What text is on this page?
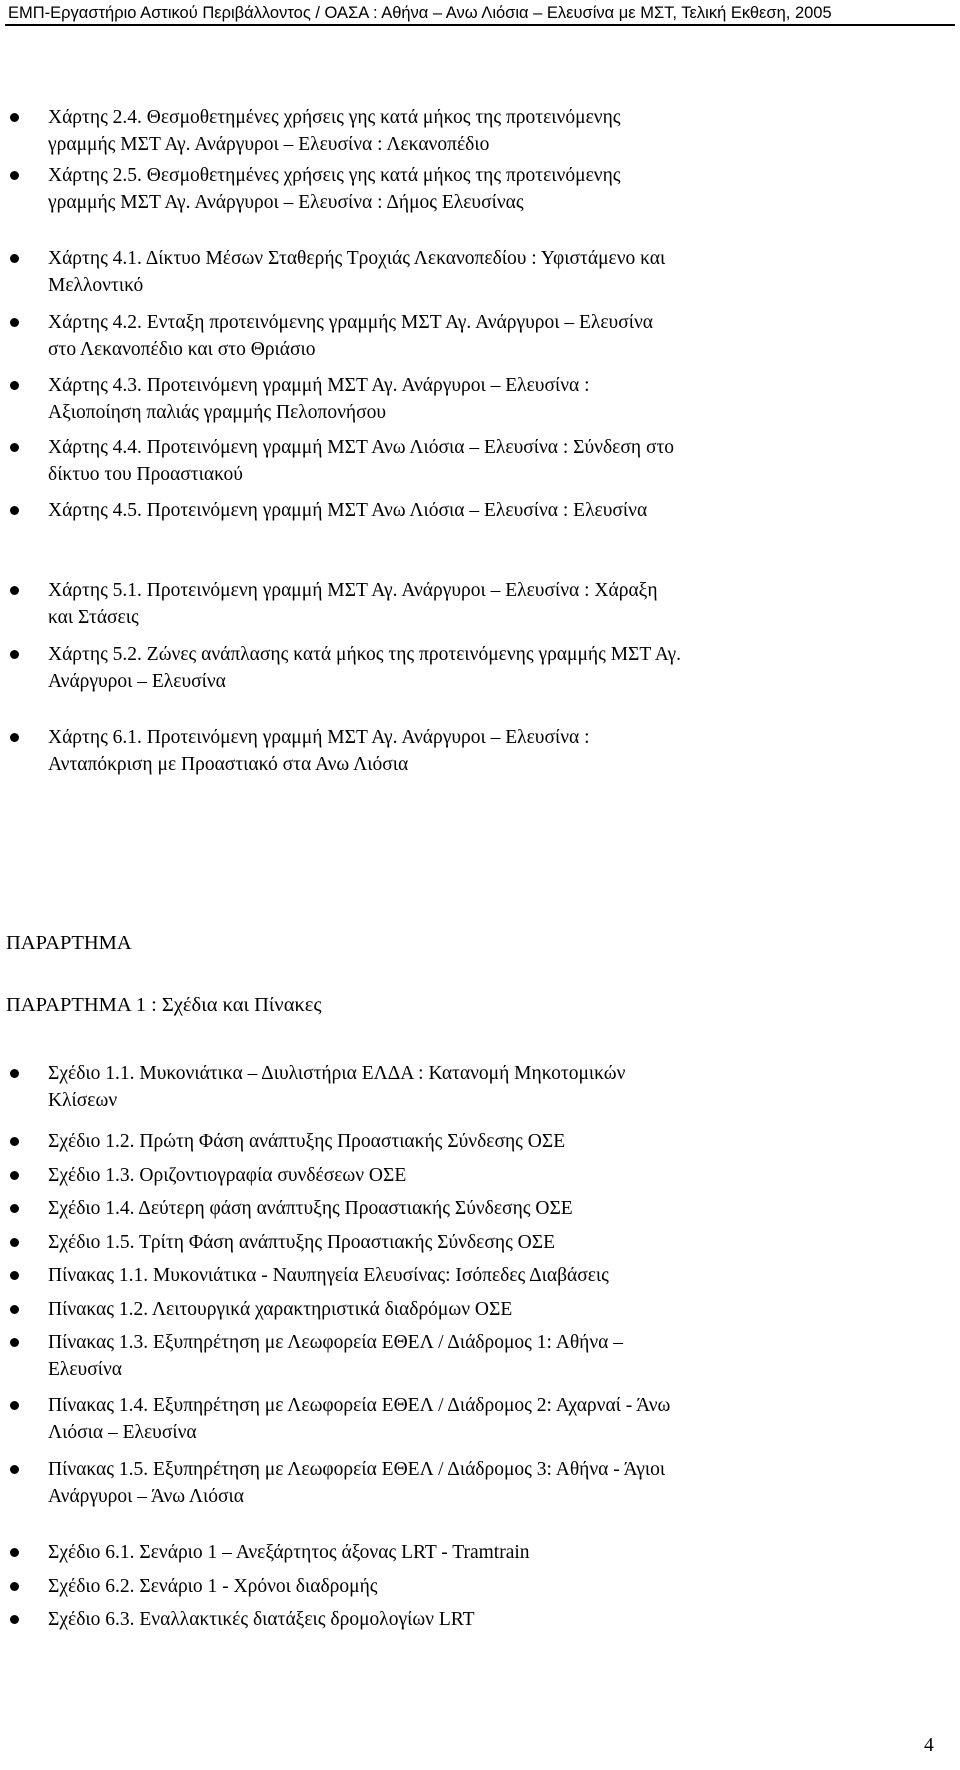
ΕΜΠ-Εργαστήριο Αστικού Περιβάλλοντος / ΟΑΣΑ : Αθήνα – Ανω Λιόσια – Ελευσίνα με ΜΣΤ, Τελική Εκθεση, 2005
Χάρτης 2.4. Θεσμοθετημένες χρήσεις γης κατά μήκος της προτεινόμενης
γραμμής ΜΣΤ Αγ. Ανάργυροι – Ελευσίνα : Λεκανοπέδιο
Χάρτης 2.5. Θεσμοθετημένες χρήσεις γης κατά μήκος της προτεινόμενης
γραμμής ΜΣΤ Αγ. Ανάργυροι – Ελευσίνα : Δήμος Ελευσίνας
Χάρτης 4.1. Δίκτυο Μέσων Σταθερής Τροχιάς Λεκανοπεδίου : Υφιστάμενο και
Μελλοντικό
Χάρτης 4.2. Ενταξη προτεινόμενης γραμμής ΜΣΤ Αγ. Ανάργυροι – Ελευσίνα
στο Λεκανοπέδιο και στο Θριάσιο
Χάρτης 4.3. Προτεινόμενη γραμμή ΜΣΤ Αγ. Ανάργυροι – Ελευσίνα :
Αξιοποίηση παλιάς γραμμής Πελοπονήσου
Χάρτης 4.4. Προτεινόμενη γραμμή ΜΣΤ Ανω Λιόσια – Ελευσίνα : Σύνδεση στο
δίκτυο του Προαστιακού
Χάρτης 4.5. Προτεινόμενη γραμμή ΜΣΤ Ανω Λιόσια – Ελευσίνα : Ελευσίνα
Χάρτης 5.1. Προτεινόμενη γραμμή ΜΣΤ Αγ. Ανάργυροι – Ελευσίνα : Χάραξη
και Στάσεις
Χάρτης 5.2. Ζώνες ανάπλασης κατά μήκος της προτεινόμενης γραμμής ΜΣΤ Αγ.
Ανάργυροι – Ελευσίνα
Χάρτης 6.1. Προτεινόμενη γραμμή ΜΣΤ Αγ. Ανάργυροι – Ελευσίνα :
Ανταπόκριση με Προαστιακό στα Ανω Λιόσια
ΠΑΡΑΡΤΗΜΑ
ΠΑΡΑΡΤΗΜΑ 1 : Σχέδια και Πίνακες
Σχέδιο 1.1. Μυκονιάτικα – Διυλιστήρια ΕΛΔΑ : Κατανομή Μηκοτομικών
Κλίσεων
Σχέδιο 1.2. Πρώτη Φάση ανάπτυξης Προαστιακής Σύνδεσης ΟΣΕ
Σχέδιο 1.3. Οριζοντιογραφία συνδέσεων ΟΣΕ
Σχέδιο 1.4. Δεύτερη φάση ανάπτυξης Προαστιακής Σύνδεσης ΟΣΕ
Σχέδιο 1.5. Τρίτη Φάση ανάπτυξης Προαστιακής Σύνδεσης ΟΣΕ
Πίνακας 1.1. Μυκονιάτικα - Ναυπηγεία Ελευσίνας: Ισόπεδες Διαβάσεις
Πίνακας 1.2. Λειτουργικά χαρακτηριστικά διαδρόμων ΟΣΕ
Πίνακας 1.3. Εξυπηρέτηση με Λεωφορεία ΕΘΕΛ / Διάδρομος 1: Αθήνα –
Ελευσίνα
Πίνακας 1.4. Εξυπηρέτηση με Λεωφορεία ΕΘΕΛ / Διάδρομος 2: Αχαρναί - Άνω
Λιόσια – Ελευσίνα
Πίνακας 1.5. Εξυπηρέτηση με Λεωφορεία ΕΘΕΛ / Διάδρομος 3: Αθήνα - Άγιοι
Ανάργυροι – Άνω Λιόσια
Σχέδιο 6.1. Σενάριο 1 – Ανεξάρτητος άξονας LRT - Tramtrain
Σχέδιο 6.2. Σενάριο 1 - Χρόνοι διαδρομής
Σχέδιο 6.3. Εναλλακτικές διατάξεις δρομολογίων LRT
4
